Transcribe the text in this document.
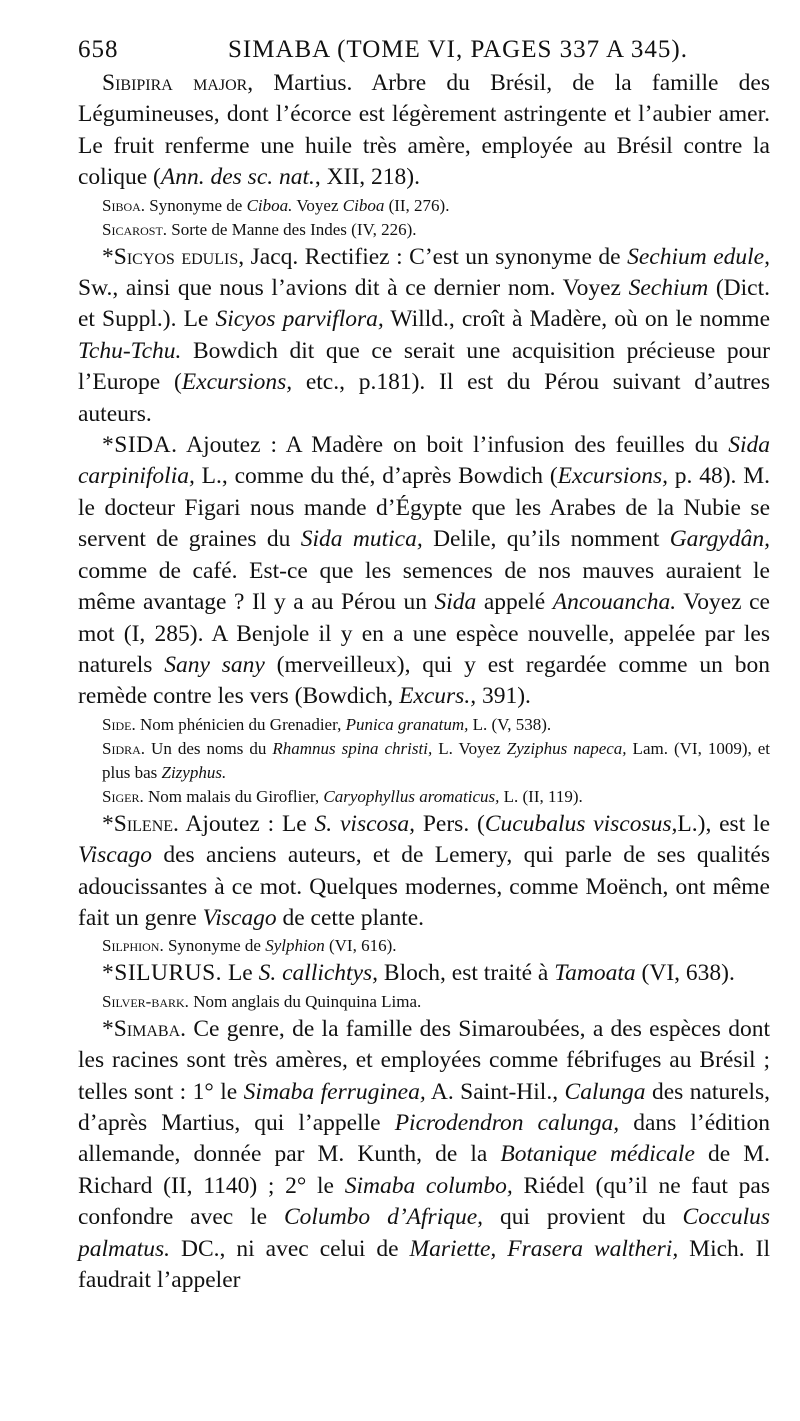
658	SIMABA (TOME VI, PAGES 337 A 345).

Sibipira major, Martius. Arbre du Brésil, de la famille des Légumineuses, dont l’écorce est légèrement astringente et l’aubier amer. Le fruit renferme une huile très amère, employée au Brésil contre la colique (Ann. des sc. nat., XII, 218).

Siboa. Synonyme de Ciboa. Voyez Ciboa (II, 276).

Sicarost. Sorte de Manne des Indes (IV, 226).

*Sicyos edulis, Jacq. Rectifiez : C’est un synonyme de Sechium edule, Sw., ainsi que nous l’avions dit à ce dernier nom. Voyez Sechium (Dict. et Suppl.). Le Sicyos parviflora, Willd., croît à Madère, où on le nomme Tchu-Tchu. Bowdich dit que ce serait une acquisition précieuse pour l’Europe (Excursions, etc., p.181). Il est du Pérou suivant d’autres auteurs.

*SIDA. Ajoutez : A Madère on boit l’infusion des feuilles du Sida carpinifolia, L., comme du thé, d’après Bowdich (Excursions, p. 48). M. le docteur Figari nous mande d’Égypte que les Arabes de la Nubie se servent de graines du Sida mutica, Delile, qu’ils nomment Gargydân, comme de café. Est-ce que les semences de nos mauves auraient le même avantage ? Il y a au Pérou un Sida appelé Ancouancha. Voyez ce mot (I, 285). A Benjole il y en a une espèce nouvelle, appelée par les naturels Sany sany (merveilleux), qui y est regardée comme un bon remède contre les vers (Bowdich, Excurs., 391).

Side. Nom phénicien du Grenadier, Punica granatum, L. (V, 538).

Sidra. Un des noms du Rhamnus spina christi, L. Voyez Zyziphus napeca, Lam. (VI, 1009), et plus bas Zizyphus.

Siger. Nom malais du Giroflier, Caryophyllus aromaticus, L. (II, 119).

*Silene. Ajoutez : Le S. viscosa, Pers. (Cucubalus viscosus,L.), est le Viscago des anciens auteurs, et de Lemery, qui parle de ses qualités adoucissantes à ce mot. Quelques modernes, comme Moënch, ont même fait un genre Viscago de cette plante.

Silphion. Synonyme de Sylphion (VI, 616).

*SILURUS. Le S. callichtys, Bloch, est traité à Tamoata (VI, 638).

Silver-bark. Nom anglais du Quinquina Lima.

*Simaba. Ce genre, de la famille des Simaroubées, a des espèces dont les racines sont très amères, et employées comme fébrifuges au Brésil ; telles sont : 1° le Simaba ferruginea, A. Saint-Hil., Calunga des naturels, d’après Martius, qui l’appelle Picrodendron calunga, dans l’édition allemande, donnée par M. Kunth, de la Botanique médicale de M. Richard (II, 1140) ; 2° le Simaba columbo, Riédel (qu’il ne faut pas confondre avec le Columbo d’Afrique, qui provient du Cocculus palmatus. DC., ni avec celui de Mariette, Frasera waltheri, Mich. Il faudrait l’appeler
